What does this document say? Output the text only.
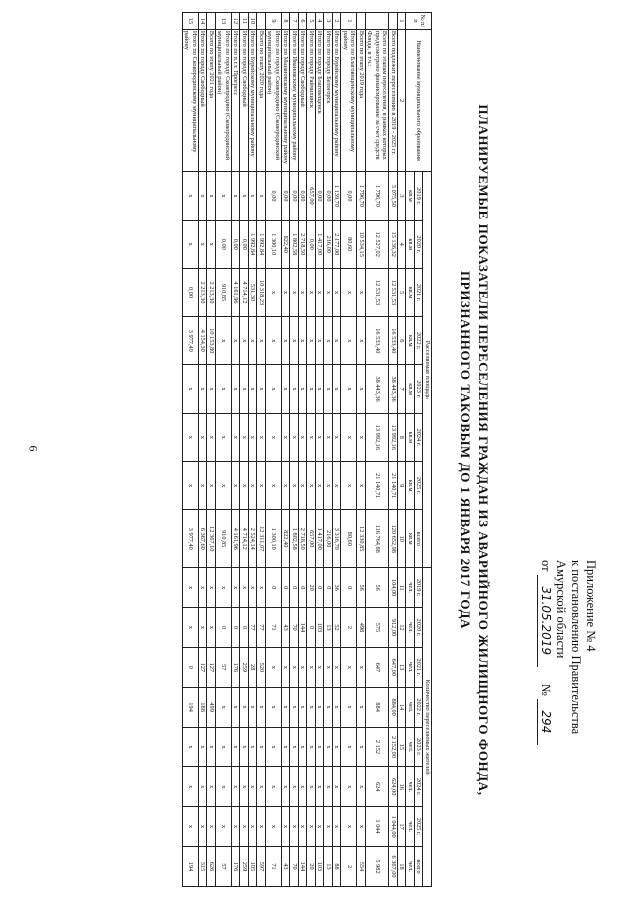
6
Приложение № 4
к постановлению Правительства
Амурской области
от 31.05.2019 № 294
ПЛАНИРУЕМЫЕ ПОКАЗАТЕЛИ ПЕРЕСЕЛЕНИЯ ГРАЖДАН ИЗ АВАРИЙНОГО ЖИЛИЩНОГО ФОНДА,
ПРИЗНАННОГО ТАКОВЫМ ДО 1 ЯНВАРЯ 2017 ГОДА
№ п/п	Наименование муниципального образования	Расселяемая площадь								Количество переселяемых жителей							
		2019 г.	2020 г.	2021 г.	2022 г.	2023 г.	2024 г.	2025 г.	всего	2019 г.	2020 г.	2021 г.	2022 г.	2023 г.	2024 г.	2025 г.	всего
		кв.м	кв.м	кв.м	кв.м	кв.м	кв.м	кв.м	кв.м	чел.	чел.	чел.	чел.	чел.	чел.	чел.	чел.
1	2	3	4	5	6	7	8	9	10	11	12	13	14	15	16	17	18
	Всего подлежит переселению в 2019 - 2025 гг.	5 075,50	15 136,32	12 531,53	16 533,40	38 443,36	13 992,16	21 140,71	120 652,98	104,00	912,00	647,00	884,00	2 152,00	624,00	1 044,00	6 367,00
	Всего по этапам переселения, в рамках которых предусмотрено финансирование за счет средств Фонда, в т.ч.:	1 796,70	12 527,02	12 531,53	16 533,40	38 443,36	13 992,16	21 140,71	116 764,88	56	575	647	884	2 152	624	1 044	5 982
	Всего по этапу 2019 года	1 796,70	10 534,15	x	x	x	x	x	12 330,85	56	498	x	x	x	x	x	554
1	Итого по Благовещенскому муниципальному району	0,00	80,60	x	x	x	x	x	80,60	0	2	x	x	x	x	x	2
2	Итого по Бурейскому муниципальному району	1 139,70	2 177,00	x	x	x	x	x	3 316,70	36	52	x	x	x	x	x	88
3	Итого по городу Белогорск	0,00	216,00	x	x	x	x	x	216,00	0	13	x	x	x	x	x	13
4	Итого по городу Благовещенск	0,00	1 417,00	x	x	x	x	x	1 417,00	0	103	x	x	x	x	x	103
5	Итого по городу Райчихинск	657,00	0,00	x	x	x	x	x	657,00	20	0	x	x	x	x	x	20
6	Итого по городу Свободный	0,00	2 718,50	x	x	x	x	x	2 718,50	0	144	x	x	x	x	x	144
7	Итого по Ивановскому муниципальному району	0,00	1 802,58	x	x	x	x	x	1 802,58	0	70	x	x	x	x	x	70
8	Итого по Мазановскому муниципальному району	0,00	822,40	x	x	x	x	x	822,40	0	43	x	x	x	x	x	43
9	Итого по городу Сковородино (Сковородинский муниципальный район)	0,00	1 300,10	x	x	x	x	x	1 300,10	0	71	x	x	x	x	x	71
	Всего по этапу 2020 года	x	1 992,84	10 318,23	x	x	x	x	12 311,07	x	77	520	x	x	x	x	597
10	Итого по Бурейскому муниципальному району	x	1 992,84	531,30	x	x	x	x	2 524,14	x	77	28	x	x	x	x	105
11	Итого по городу Свободный	x	0,00	4 714,12	x	x	x	x	4 714,12	x	0	259	x	x	x	x	259
12	Итого по п.г.т. Прогресс	x	0,00	4 161,96	x	x	x	x	4 161,96	x	0	176	x	x	x	x	176
13	Итого по городу Сковородино (Сковородинский муниципальный район)	x	0,00	910,85	x	x	x	x	910,85	x	0	57	x	x	x	x	57
	Всего по этапу 2021 года	x	x	2 213,30	10 153,80	x	x	x	12 367,10	x	x	127	499	x	x	x	626
14	Итого по городу Свободный	x	x	2 213,30	4 154,30	x	x	x	6 367,60	x	x	127	188	x	x	x	315
15	Итого по Сковородинскому муниципальному району	x	x	0,00	3 977,40	x	x	x	3 977,40	x	x	0	194	x	x	x	194
